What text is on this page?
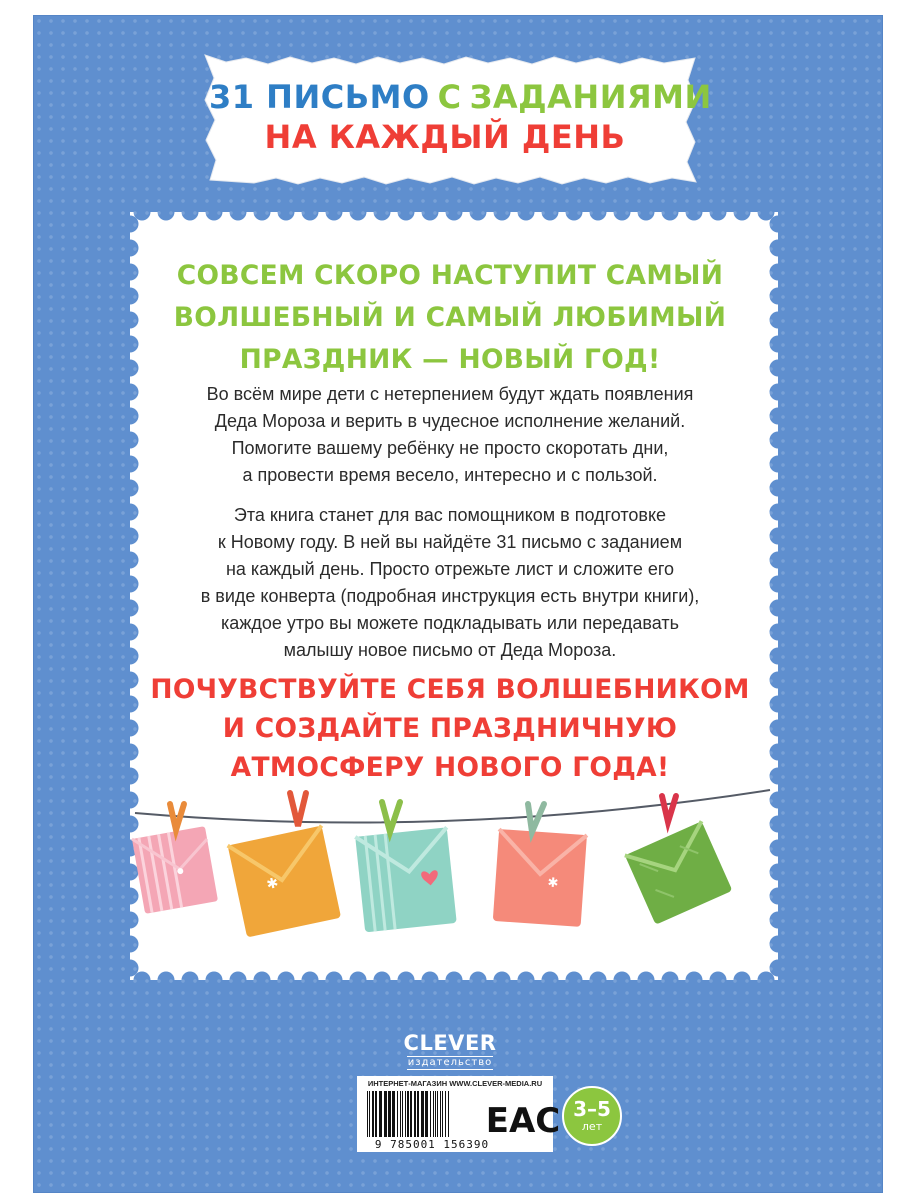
31 ПИСЬМО С ЗАДАНИЯМИ
НА КАЖДЫЙ ДЕНЬ
СОВСЕМ СКОРО НАСТУПИТ САМЫЙ
ВОЛШЕБНЫЙ И САМЫЙ ЛЮБИМЫЙ
ПРАЗДНИК — НОВЫЙ ГОД!
Во всём мире дети с нетерпением будут ждать появления
Деда Мороза и верить в чудесное исполнение желаний.
Помогите вашему ребёнку не просто скоротать дни,
а провести время весело, интересно и с пользой.
Эта книга станет для вас помощником в подготовке
к Новому году. В ней вы найдёте 31 письмо с заданием
на каждый день. Просто отрежьте лист и сложите его
в виде конверта (подробная инструкция есть внутри книги),
каждое утро вы можете подкладывать или передавать
малышу новое письмо от Деда Мороза.
ПОЧУВСТВУЙТЕ СЕБЯ ВОЛШЕБНИКОМ
И СОЗДАЙТЕ ПРАЗДНИЧНУЮ
АТМОСФЕРУ НОВОГО ГОДА!
✱	✱
CLEVER
издательство
ИНТЕРНЕТ-МАГАЗИН WWW.CLEVER-MEDIA.RU
9 785001 156390
ЕАС 3–5
лет
